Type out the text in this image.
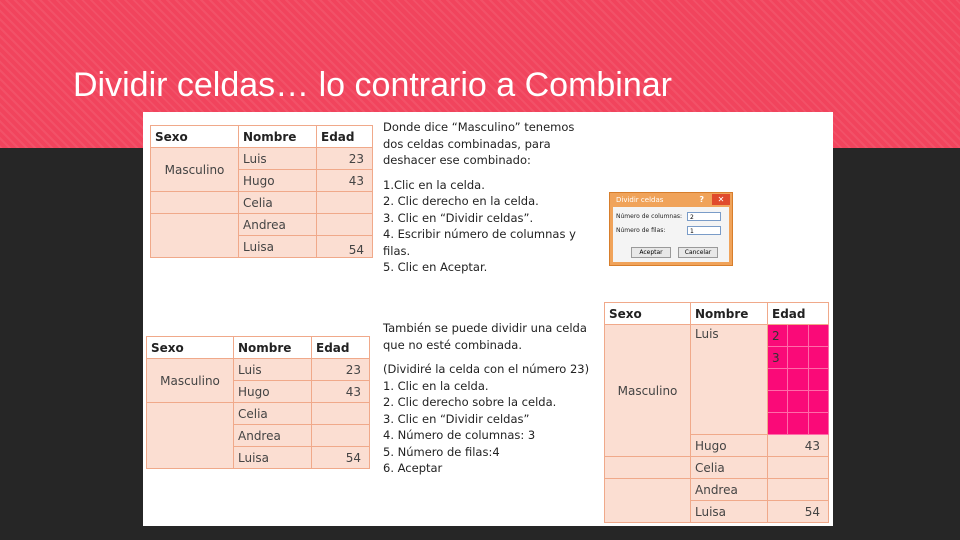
Dividir celdas… lo contrario a Combinar
Sexo	Nombre	Edad
Masculino	Luis	23
	Hugo	43
	Celia	
	Andrea	
	Luisa	54

Donde dice “Masculino” tenemos

dos celdas combinadas, para

deshacer ese combinado:

1.Clic en la celda.

2. Clic derecho en la celda.

3. Clic en “Dividir celdas”.

4. Escribir número de columnas y

filas.

5. Clic en Aceptar.

Dividir celdas	?	✕
Número de columnas:	2
Número de filas:	1
Aceptar	Cancelar
Sexo	Nombre	Edad
Masculino	Luis	23
	Hugo	43
	Celia	
	Andrea	
	Luisa	54

También se puede dividir una celda

que no esté combinada.

(Dividiré la celda con el número 23)

1. Clic en la celda.

2. Clic derecho sobre la celda.

3. Clic en “Dividir celdas”

4. Número de columnas: 3

5. Número de filas:4

6. Aceptar

Sexo	Nombre	Edad		
Masculino	Luis	2		
		3		

	Hugo	43		
	Celia			
	Andrea			
	Luisa	54		
